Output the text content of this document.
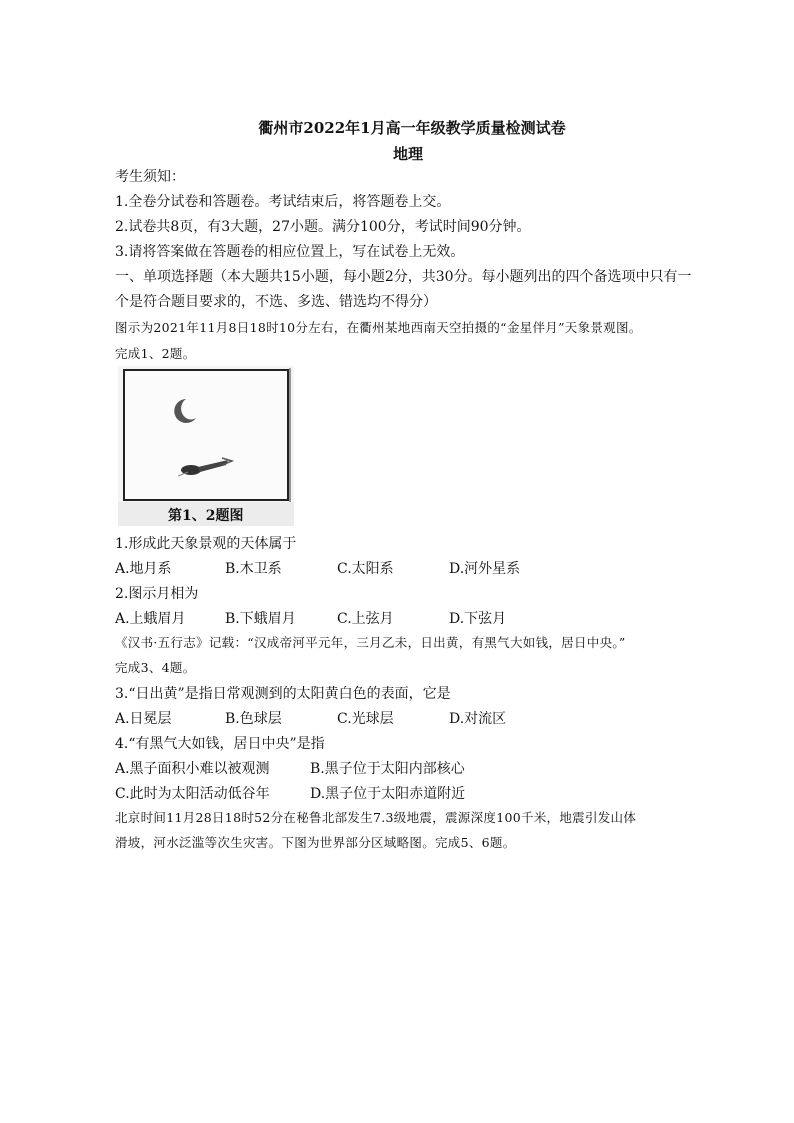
衢州市2022年1月高一年级教学质量检测试卷
地理
考生须知：
1.全卷分试卷和答题卷。考试结束后，将答题卷上交。
2.试卷共8页，有3大题，27小题。满分100分，考试时间90分钟。
3.请将答案做在答题卷的相应位置上，写在试卷上无效。
一、单项选择题（本大题共15小题，每小题2分，共30分。每小题列出的四个备选项中只有一
个是符合题目要求的，不选、多选、错选均不得分）
图示为2021年11月8日18时10分左右，在衢州某地西南天空拍摄的“金星伴月”天象景观图。
完成1、2题。
第1、2题图
1.形成此天象景观的天体属于
A.地月系	B.木卫系	C.太阳系	D.河外星系
2.图示月相为
A.上蛾眉月	B.下蛾眉月	C.上弦月	D.下弦月
《汉书·五行志》记载：“汉成帝河平元年，三月乙未，日出黄，有黑气大如钱，居日中央。”
完成3、4题。
3.“日出黄”是指日常观测到的太阳黄白色的表面，它是
A.日冕层	B.色球层	C.光球层	D.对流区
4.“有黑气大如钱，居日中央”是指
A.黑子面积小难以被观测	B.黑子位于太阳内部核心
C.此时为太阳活动低谷年	D.黑子位于太阳赤道附近
北京时间11月28日18时52分在秘鲁北部发生7.3级地震，震源深度100千米，地震引发山体
滑坡，河水泛滥等次生灾害。下图为世界部分区域略图。完成5、6题。
